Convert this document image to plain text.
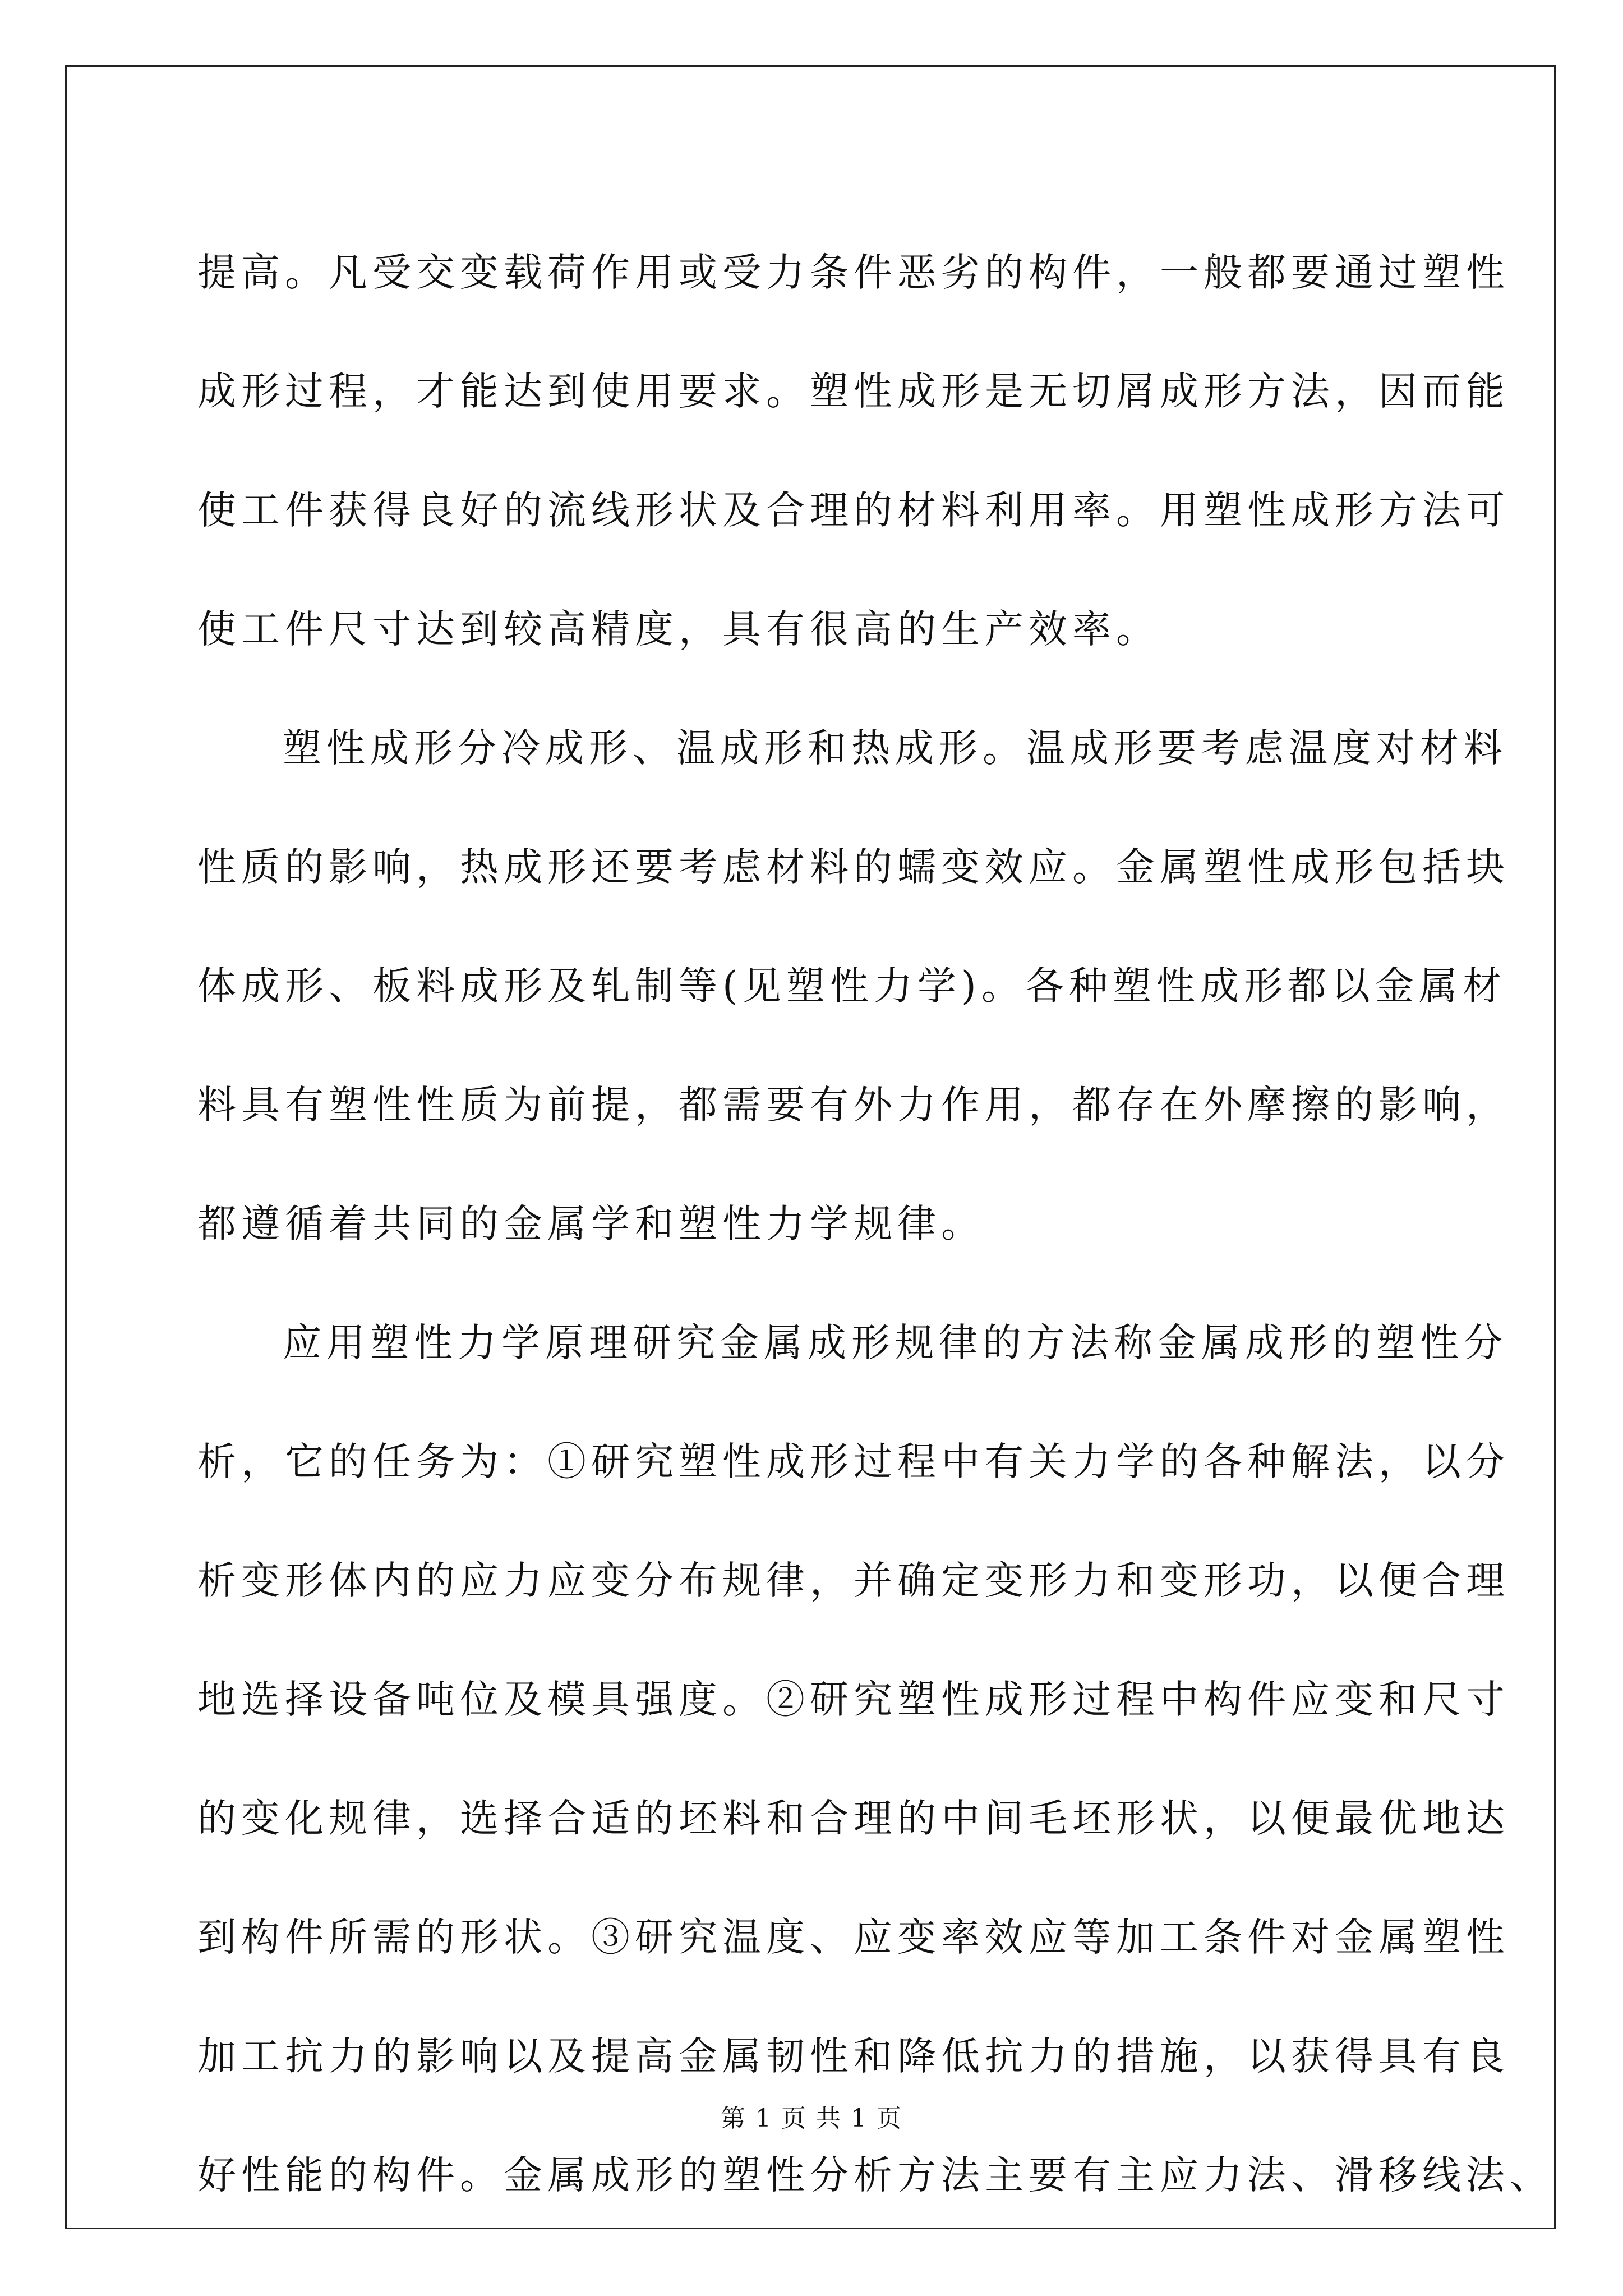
提高。凡受交变载荷作用或受力条件恶劣的构件，一般都要通过塑性
成形过程，才能达到使用要求。塑性成形是无切屑成形方法，因而能
使工件获得良好的流线形状及合理的材料利用率。用塑性成形方法可
使工件尺寸达到较高精度，具有很高的生产效率。
塑性成形分冷成形、温成形和热成形。温成形要考虑温度对材料
性质的影响，热成形还要考虑材料的蠕变效应。金属塑性成形包括块
体成形、板料成形及轧制等(见塑性力学)。各种塑性成形都以金属材
料具有塑性性质为前提，都需要有外力作用，都存在外摩擦的影响，
都遵循着共同的金属学和塑性力学规律。
应用塑性力学原理研究金属成形规律的方法称金属成形的塑性分
析，它的任务为：①研究塑性成形过程中有关力学的各种解法，以分
析变形体内的应力应变分布规律，并确定变形力和变形功，以便合理
地选择设备吨位及模具强度。②研究塑性成形过程中构件应变和尺寸
的变化规律，选择合适的坯料和合理的中间毛坯形状，以便最优地达
到构件所需的形状。③研究温度、应变率效应等加工条件对金属塑性
加工抗力的影响以及提高金属韧性和降低抗力的措施，以获得具有良
好性能的构件。金属成形的塑性分析方法主要有主应力法、滑移线法、
第 1 页 共 1 页
